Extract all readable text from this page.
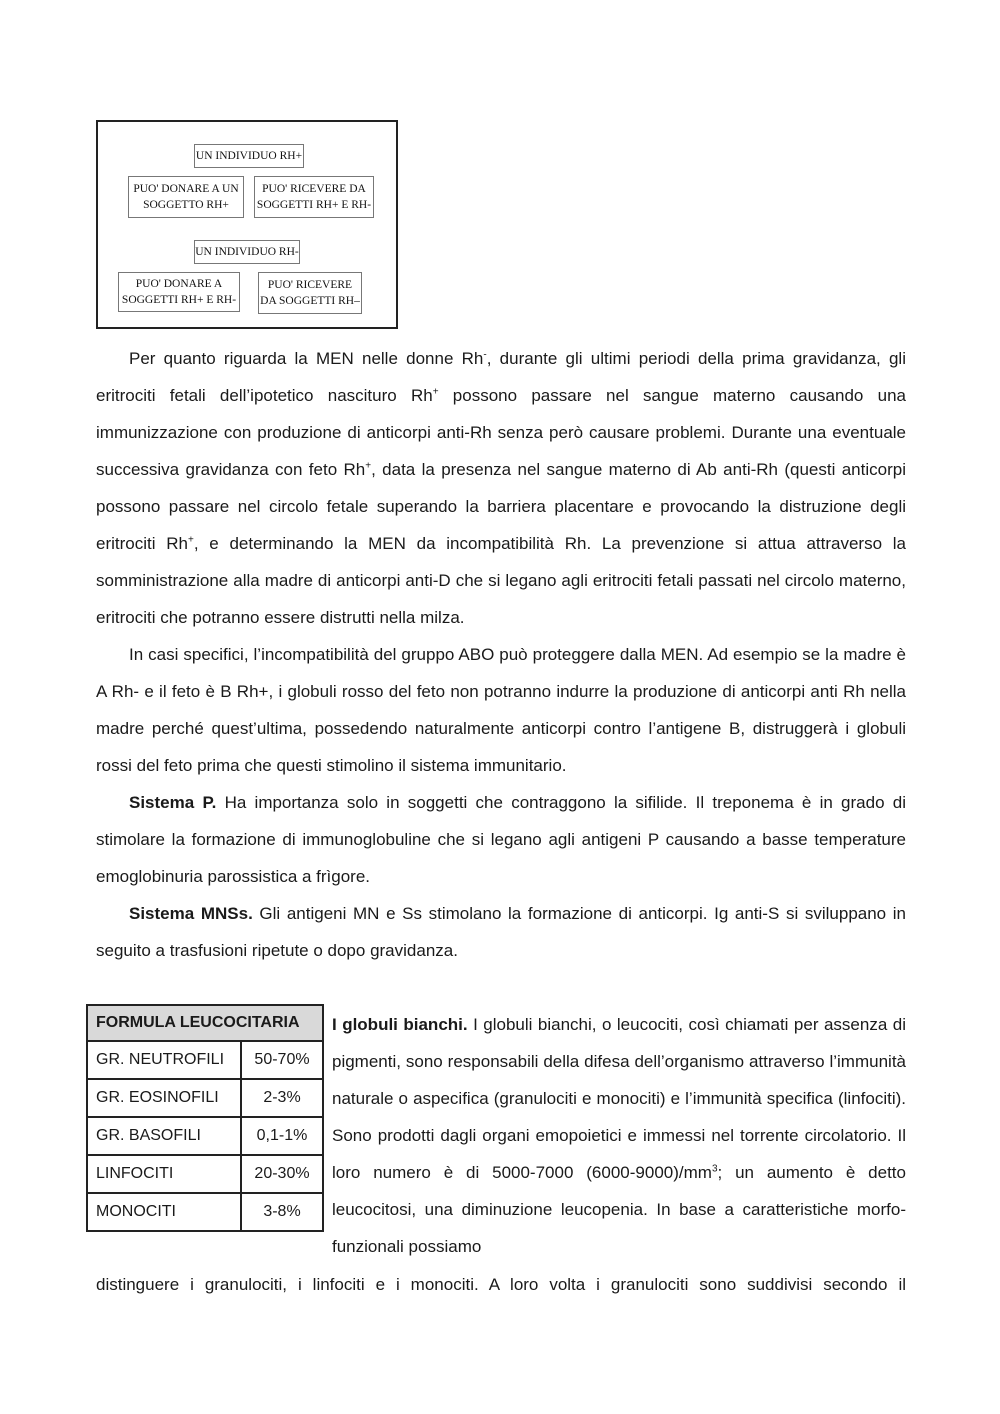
UN INDIVIDUO RH+
PUO' DONARE A UN
SOGGETTO RH+
PUO' RICEVERE DA
SOGGETTI RH+ E RH-
UN INDIVIDUO RH-
PUO' DONARE A
SOGGETTI RH+ E RH-
PUO' RICEVERE
DA SOGGETTI RH–

Per quanto riguarda la MEN nelle donne Rh-, durante gli ultimi periodi della prima gravidanza, gli eritrociti fetali dell’ipotetico nascituro Rh+ possono passare nel sangue materno causando una immunizzazione con produzione di anticorpi anti-Rh senza però causare problemi. Durante una eventuale successiva gravidanza con feto Rh+, data la presenza nel sangue materno di Ab anti-Rh (questi anticorpi possono passare nel circolo fetale superando la barriera placentare e provocando la distruzione degli eritrociti Rh+, e determinando la MEN da incompatibilità Rh. La prevenzione si attua attraverso la somministrazione alla madre di anticorpi anti-D che si legano agli eritrociti fetali passati nel circolo materno, eritrociti che potranno essere distrutti nella milza.

In casi specifici, l’incompatibilità del gruppo ABO può proteggere dalla MEN. Ad esempio se la madre è A Rh- e il feto è B Rh+, i globuli rosso del feto non potranno indurre la produzione di anticorpi anti Rh nella madre perché quest’ultima, possedendo naturalmente anticorpi contro l’antigene B, distruggerà i globuli rossi del feto prima che questi stimolino il sistema immunitario.

Sistema P. Ha importanza solo in soggetti che contraggono la sifilide. Il treponema è in grado di stimolare la formazione di immunoglobuline che si legano agli antigeni P causando a basse temperature emoglobinuria parossistica a frìgore.

Sistema MNSs. Gli antigeni MN e Ss stimolano la formazione di anticorpi. Ig anti-S si sviluppano in seguito a trasfusioni ripetute o dopo gravidanza.

FORMULA LEUCOCITARIA	
GR. NEUTROFILI	50-70%
GR. EOSINOFILI	2-3%
GR. BASOFILI	0,1-1%
LINFOCITI	20-30%
MONOCITI	3-8%

I globuli bianchi. I globuli bianchi, o leucociti, così chiamati per assenza di pigmenti, sono responsabili della difesa dell’organismo attraverso l’immunità naturale o aspecifica (granulociti e monociti) e l’immunità specifica (linfociti). Sono prodotti dagli organi emopoietici e immessi nel torrente circolatorio. Il loro numero è di 5000-7000 $(6000-9000)/mm^3$; un aumento è detto leucocitosi, una diminuzione leucopenia. In base a caratteristiche morfo-funzionali possiamo

distinguere i granulociti, i linfociti e i monociti. A loro volta i granulociti sono suddivisi secondo il
